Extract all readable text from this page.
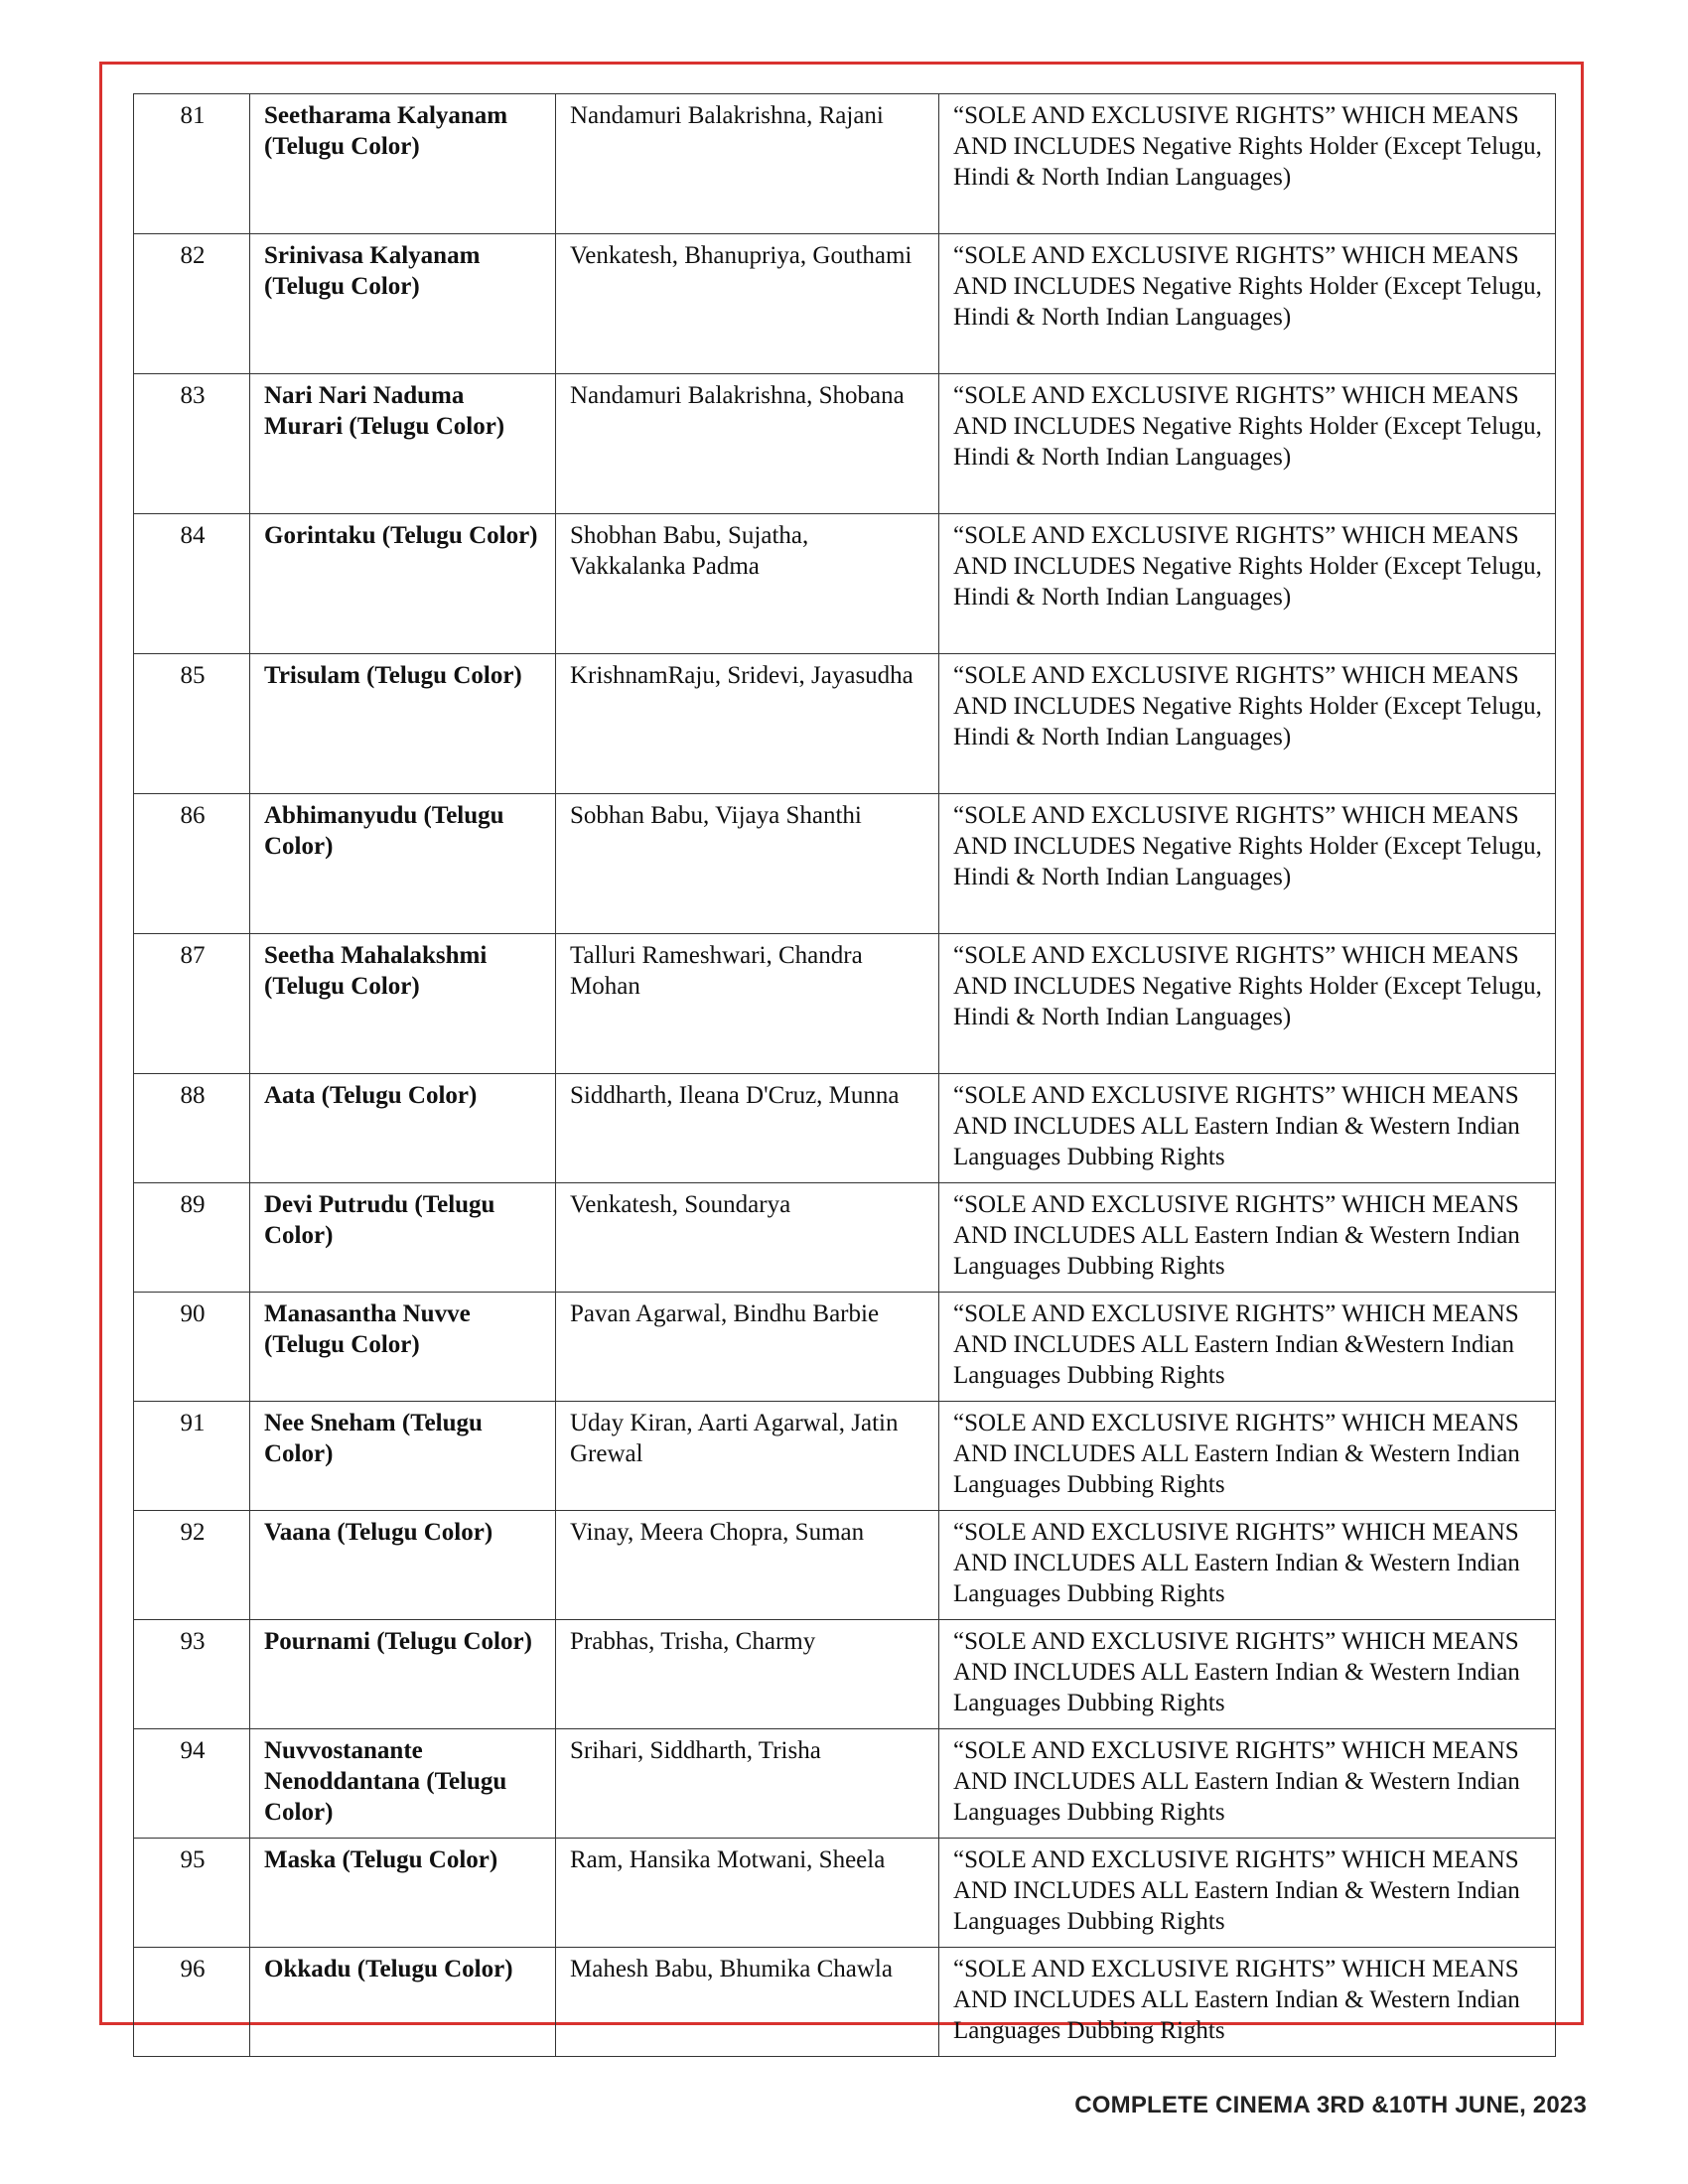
81	Seetharama Kalyanam (Telugu Color)	Nandamuri Balakrishna, Rajani	“SOLE AND EXCLUSIVE RIGHTS” WHICH MEANS AND INCLUDES Negative Rights Holder (Except Telugu, Hindi & North Indian Languages)
82	Srinivasa Kalyanam (Telugu Color)	Venkatesh, Bhanupriya, Gouthami	“SOLE AND EXCLUSIVE RIGHTS” WHICH MEANS AND INCLUDES Negative Rights Holder (Except Telugu, Hindi & North Indian Languages)
83	Nari Nari Naduma Murari (Telugu Color)	Nandamuri Balakrishna, Shobana	“SOLE AND EXCLUSIVE RIGHTS” WHICH MEANS AND INCLUDES Negative Rights Holder (Except Telugu, Hindi & North Indian Languages)
84	Gorintaku (Telugu Color)	Shobhan Babu, Sujatha, Vakkalanka Padma	“SOLE AND EXCLUSIVE RIGHTS” WHICH MEANS AND INCLUDES Negative Rights Holder (Except Telugu, Hindi & North Indian Languages)
85	Trisulam (Telugu Color)	KrishnamRaju, Sridevi, Jayasudha	“SOLE AND EXCLUSIVE RIGHTS” WHICH MEANS AND INCLUDES Negative Rights Holder (Except Telugu, Hindi & North Indian Languages)
86	Abhimanyudu (Telugu Color)	Sobhan Babu, Vijaya Shanthi	“SOLE AND EXCLUSIVE RIGHTS” WHICH MEANS AND INCLUDES Negative Rights Holder (Except Telugu, Hindi & North Indian Languages)
87	Seetha Mahalakshmi (Telugu Color)	Talluri Rameshwari, Chandra Mohan	“SOLE AND EXCLUSIVE RIGHTS” WHICH MEANS AND INCLUDES Negative Rights Holder (Except Telugu, Hindi & North Indian Languages)
88	Aata (Telugu Color)	Siddharth, Ileana D'Cruz, Munna	“SOLE AND EXCLUSIVE RIGHTS” WHICH MEANS AND INCLUDES ALL Eastern Indian & Western Indian Languages Dubbing Rights
89	Devi Putrudu (Telugu Color)	Venkatesh, Soundarya	“SOLE AND EXCLUSIVE RIGHTS” WHICH MEANS AND INCLUDES ALL Eastern Indian & Western Indian Languages Dubbing Rights
90	Manasantha Nuvve (Telugu Color)	Pavan Agarwal, Bindhu Barbie	“SOLE AND EXCLUSIVE RIGHTS” WHICH MEANS AND INCLUDES ALL Eastern Indian &Western Indian Languages Dubbing Rights
91	Nee Sneham (Telugu Color)	Uday Kiran, Aarti Agarwal, Jatin Grewal	“SOLE AND EXCLUSIVE RIGHTS” WHICH MEANS AND INCLUDES ALL Eastern Indian & Western Indian Languages Dubbing Rights
92	Vaana (Telugu Color)	Vinay, Meera Chopra, Suman	“SOLE AND EXCLUSIVE RIGHTS” WHICH MEANS AND INCLUDES ALL Eastern Indian & Western Indian Languages Dubbing Rights
93	Pournami (Telugu Color)	Prabhas, Trisha, Charmy	“SOLE AND EXCLUSIVE RIGHTS” WHICH MEANS AND INCLUDES ALL Eastern Indian & Western Indian Languages Dubbing Rights
94	Nuvvostanante Nenoddantana (Telugu Color)	Srihari, Siddharth, Trisha	“SOLE AND EXCLUSIVE RIGHTS” WHICH MEANS AND INCLUDES ALL Eastern Indian & Western Indian Languages Dubbing Rights
95	Maska (Telugu Color)	Ram, Hansika Motwani, Sheela	“SOLE AND EXCLUSIVE RIGHTS” WHICH MEANS AND INCLUDES ALL Eastern Indian & Western Indian Languages Dubbing Rights
96	Okkadu (Telugu Color)	Mahesh Babu, Bhumika Chawla	“SOLE AND EXCLUSIVE RIGHTS” WHICH MEANS AND INCLUDES ALL Eastern Indian & Western Indian Languages Dubbing Rights
COMPLETE CINEMA 3RD &10TH JUNE, 2023
